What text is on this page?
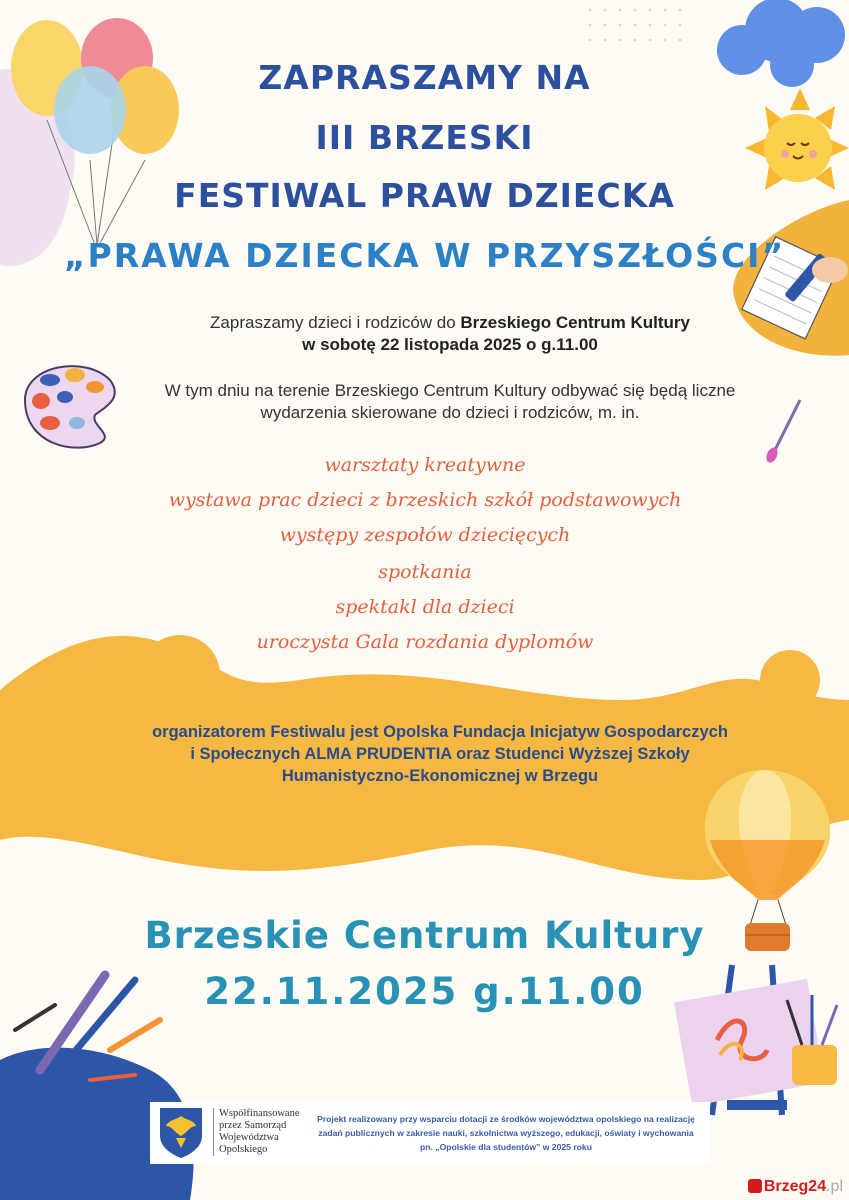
ZAPRASZAMY NA
III BRZESKI
FESTIWAL PRAW DZIECKA
„PRAWA DZIECKA W PRZYSZŁOŚCI”
Zapraszamy dzieci i rodziców do Brzeskiego Centrum Kultury
w sobotę 22 listopada 2025 o g.11.00
W tym dniu na terenie Brzeskiego Centrum Kultury odbywać się będą liczne
wydarzenia skierowane do dzieci i rodziców, m. in.
warsztaty kreatywne
wystawa prac dzieci z brzeskich szkół podstawowych
występy zespołów dziecięcych
spotkania
spektakl dla dzieci
uroczysta Gala rozdania dyplomów
organizatorem Festiwalu jest Opolska Fundacja Inicjatyw Gospodarczych
i Społecznych ALMA PRUDENTIA oraz Studenci Wyższej Szkoły
Humanistyczno-Ekonomicznej w Brzegu
Brzeskie Centrum Kultury
22.11.2025 g.11.00
Współfinansowane
przez Samorząd
Województwa
Opolskiego
Projekt realizowany przy wsparciu dotacji ze środków województwa opolskiego na realizację
zadań publicznych w zakresie nauki, szkolnictwa wyższego, edukacji, oświaty i wychowania
pn. „Opolskie dla studentów” w 2025 roku
Brzeg24.pl
